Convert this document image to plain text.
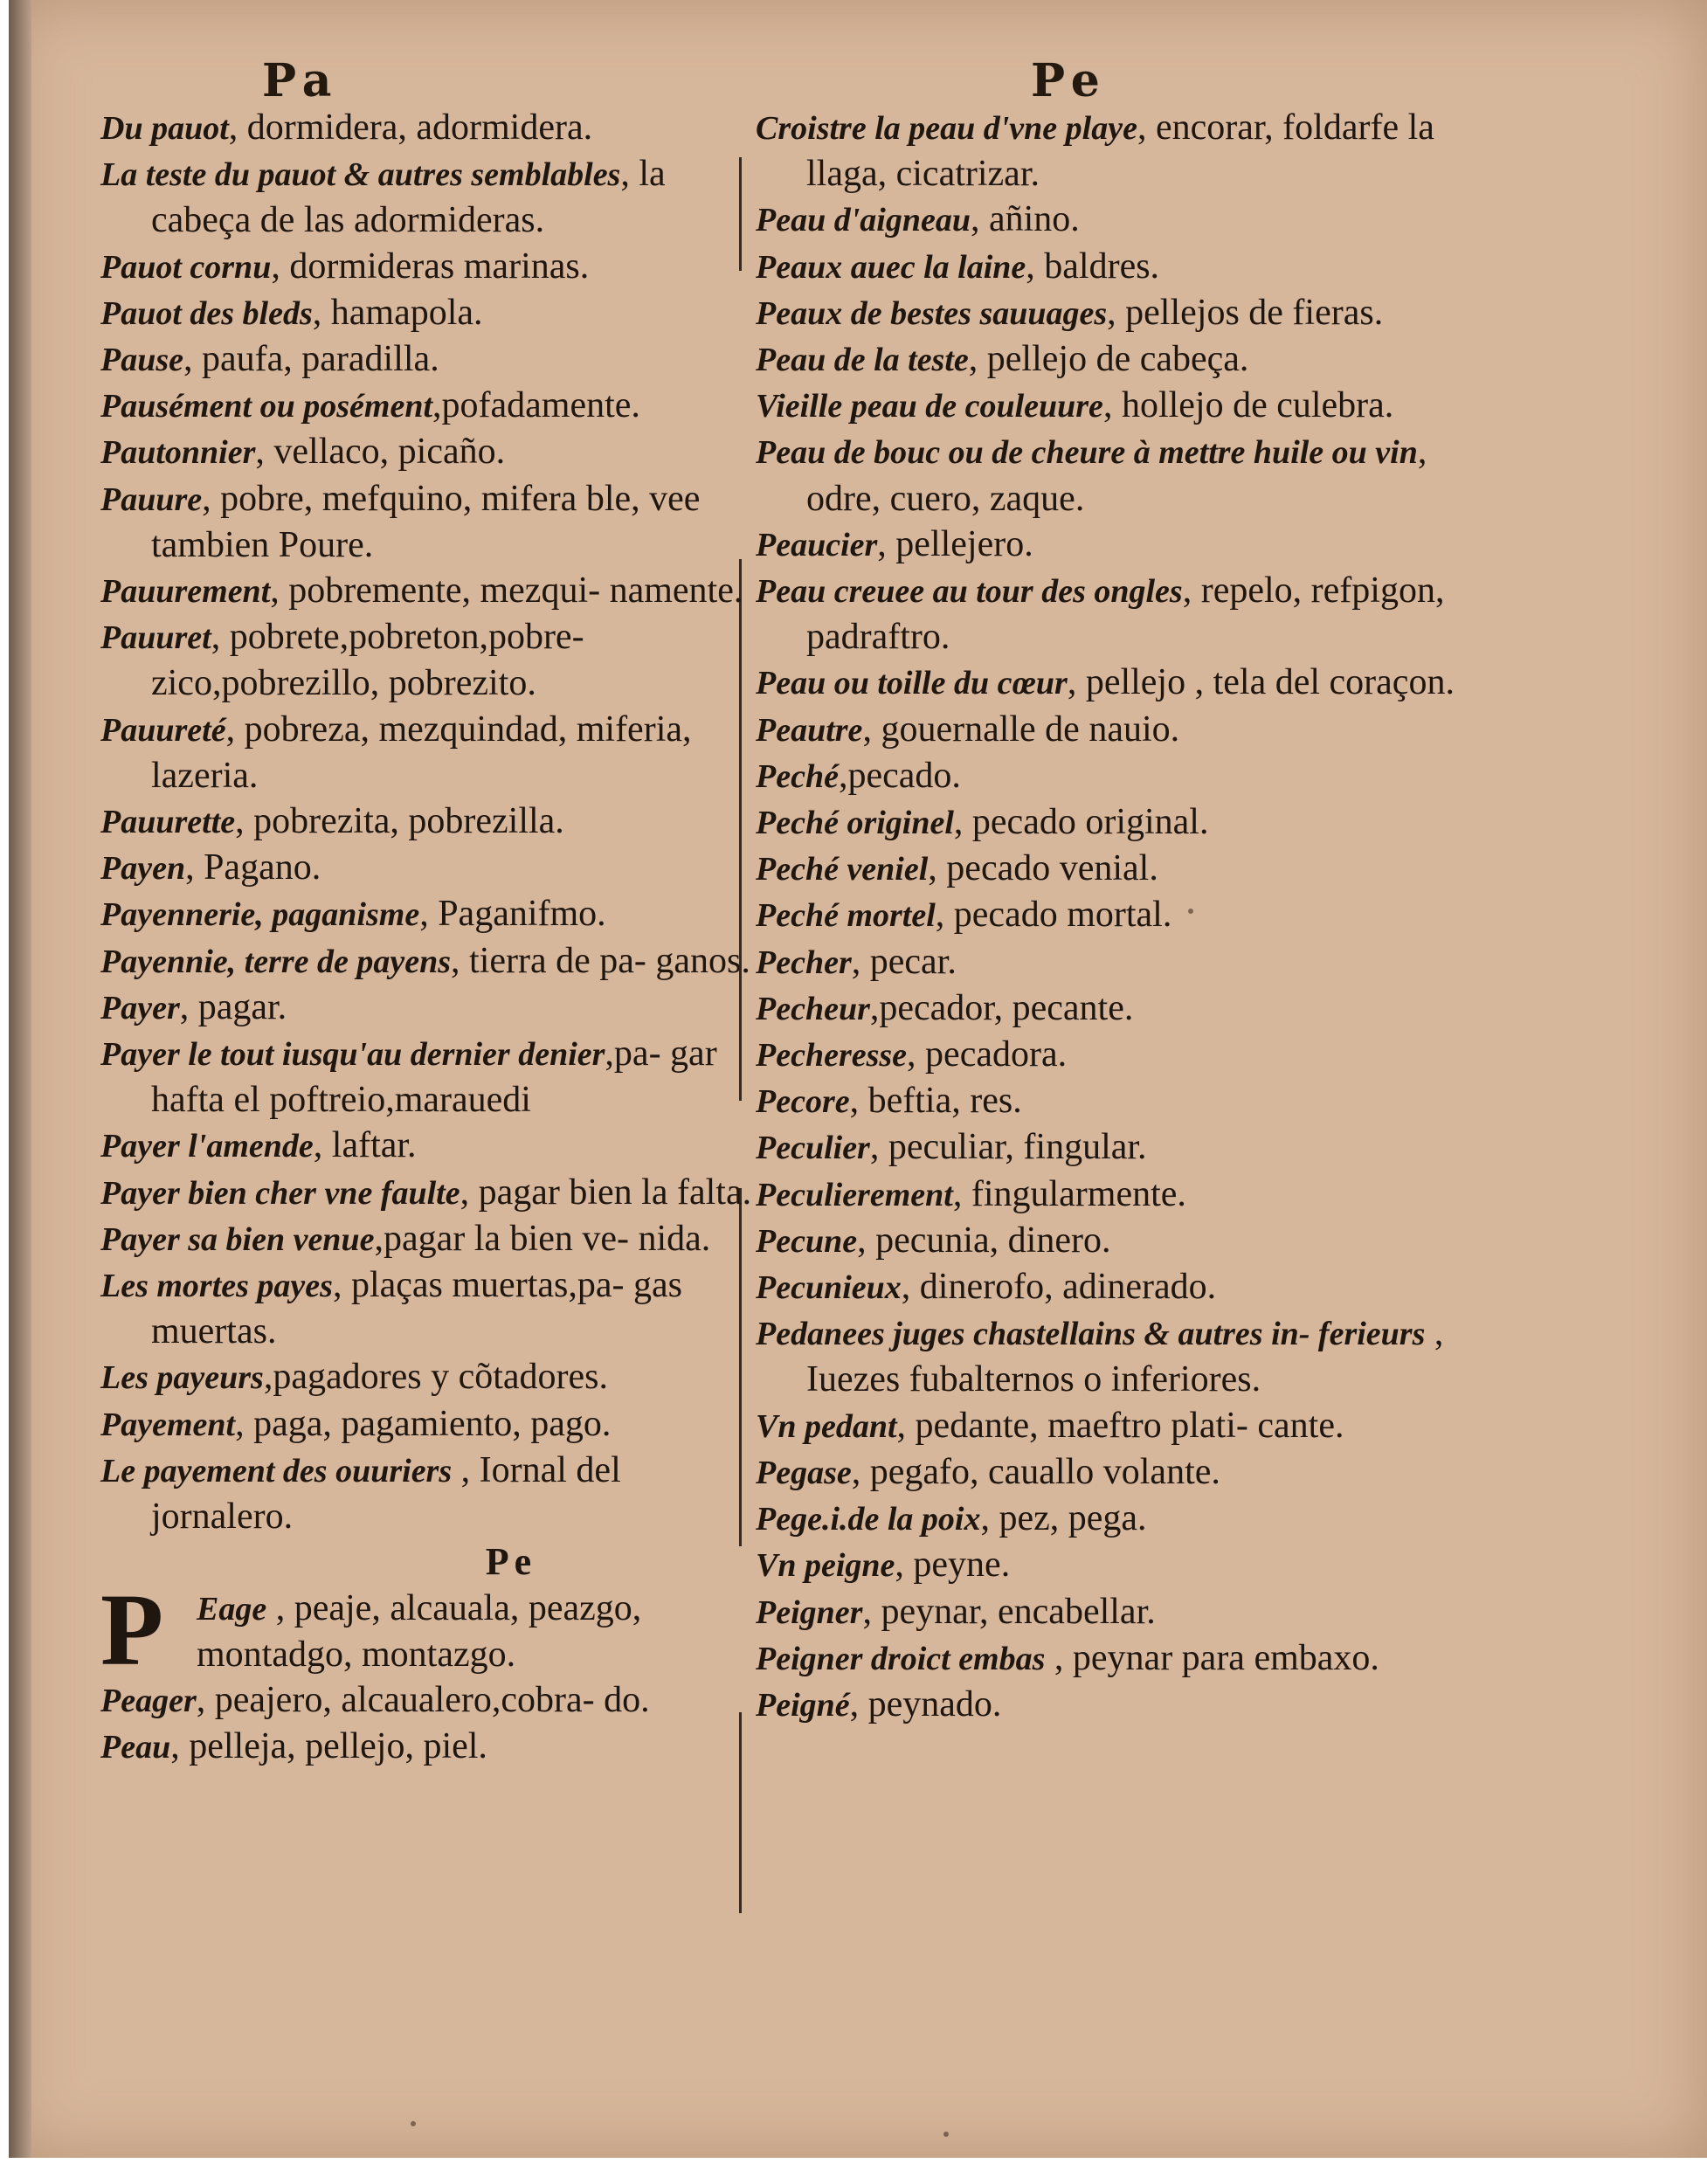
Pa	Pe

Du pauot, dormidera, adormidera.

La teste du pauot & autres semblables, la cabeça de las adormideras.

Pauot cornu, dormideras marinas.

Pauot des bleds, hamapola.

Pause, paufa, paradilla.

Pausément ou posément,pofadamente.

Pautonnier, vellaco, picaño.

Pauure, pobre, mefquino, mifera ble, vee tambien Poure.

Pauurement, pobremente, mezqui- namente.

Pauuret, pobrete,pobreton,pobre- zico,pobrezillo, pobrezito.

Pauureté, pobreza, mezquindad, miferia, lazeria.

Pauurette, pobrezita, pobrezilla.

Payen, Pagano.

Payennerie, paganisme, Paganifmo.

Payennie, terre de payens, tierra de pa- ganos.

Payer, pagar.

Payer le tout iusqu'au dernier denier,pa- gar hafta el poftreio,marauedi

Payer l'amende, laftar.

Payer bien cher vne faulte, pagar bien la falta.

Payer sa bien venue,pagar la bien ve- nida.

Les mortes payes, plaças muertas,pa- gas muertas.

Les payeurs,pagadores y cõtadores.

Payement, paga, pagamiento, pago.

Le payement des ouuriers , Iornal del jornalero.

Pe

P Eage , peaje, alcauala, peazgo, montadgo, montazgo.

Peager, peajero, alcaualero,cobra- do.

Peau, pelleja, pellejo, piel.

Croistre la peau d'vne playe, encorar, foldarfe la llaga, cicatrizar.

Peau d'aigneau, añino.

Peaux auec la laine, baldres.

Peaux de bestes sauuages, pellejos de fieras.

Peau de la teste, pellejo de cabeça.

Vieille peau de couleuure, hollejo de culebra.

Peau de bouc ou de cheure à mettre huile ou vin, odre, cuero, zaque.

Peaucier, pellejero.

Peau creuee au tour des ongles, repelo, refpigon, padraftro.

Peau ou toille du cœur, pellejo , tela del coraçon.

Peautre, gouernalle de nauio.

Peché,pecado.

Peché originel, pecado original.

Peché veniel, pecado venial.

Peché mortel, pecado mortal.

Pecher, pecar.

Pecheur,pecador, pecante.

Pecheresse, pecadora.

Pecore, beftia, res.

Peculier, peculiar, fingular.

Peculierement, fingularmente.

Pecune, pecunia, dinero.

Pecunieux, dinerofo, adinerado.

Pedanees juges chastellains & autres in- ferieurs , Iuezes fubalternos o inferiores.

Vn pedant, pedante, maeftro plati- cante.

Pegase, pegafo, cauallo volante.

Pege.i.de la poix, pez, pega.

Vn peigne, peyne.

Peigner, peynar, encabellar.

Peigner droict embas , peynar para embaxo.

Peigné, peynado.
